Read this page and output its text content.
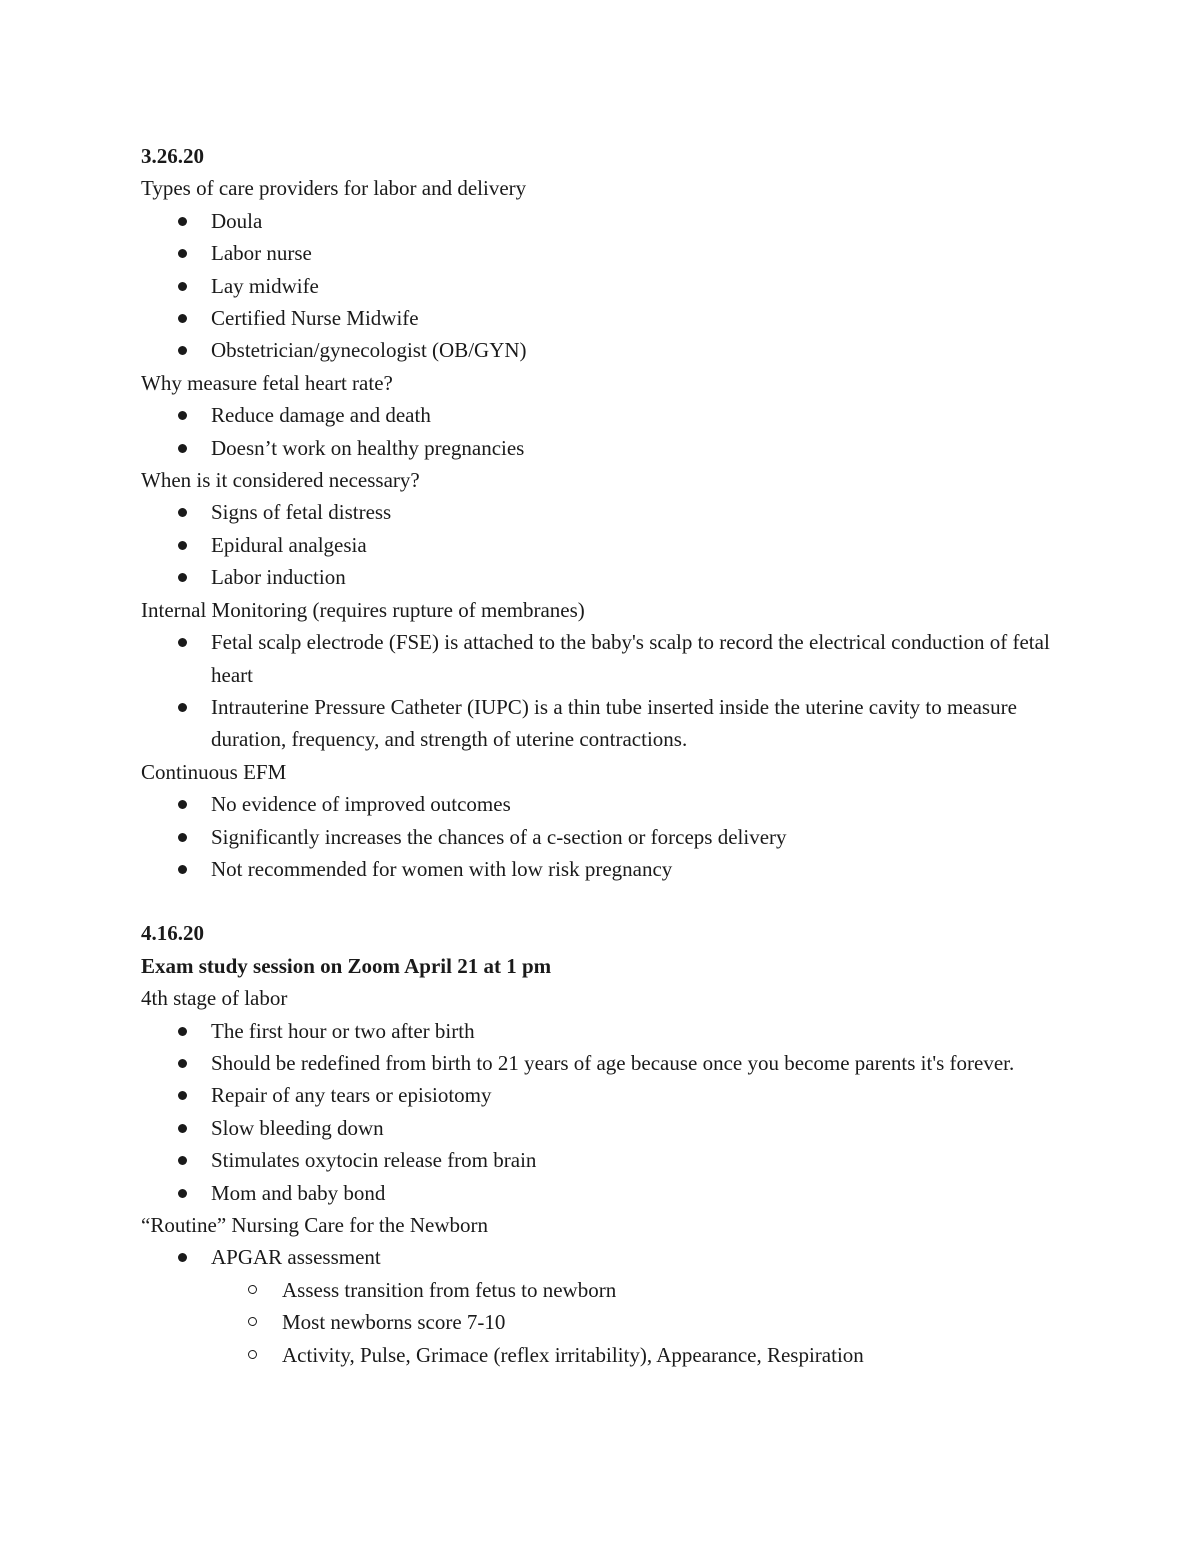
3.26.20
Types of care providers for labor and delivery
Doula
Labor nurse
Lay midwife
Certified Nurse Midwife
Obstetrician/gynecologist (OB/GYN)
Why measure fetal heart rate?
Reduce damage and death
Doesn’t work on healthy pregnancies
When is it considered necessary?
Signs of fetal distress
Epidural analgesia
Labor induction
Internal Monitoring (requires rupture of membranes)
Fetal scalp electrode (FSE) is attached to the baby's scalp to record the electrical conduction of fetal heart
Intrauterine Pressure Catheter (IUPC) is a thin tube inserted inside the uterine cavity to measure duration, frequency, and strength of uterine contractions.
Continuous EFM
No evidence of improved outcomes
Significantly increases the chances of a c-section or forceps delivery
Not recommended for women with low risk pregnancy
4.16.20
Exam study session on Zoom April 21 at 1 pm
4th stage of labor
The first hour or two after birth
Should be redefined from birth to 21 years of age because once you become parents it's forever.
Repair of any tears or episiotomy
Slow bleeding down
Stimulates oxytocin release from brain
Mom and baby bond
“Routine” Nursing Care for the Newborn
APGAR assessment
Assess transition from fetus to newborn
Most newborns score 7-10
Activity, Pulse, Grimace (reflex irritability), Appearance, Respiration
